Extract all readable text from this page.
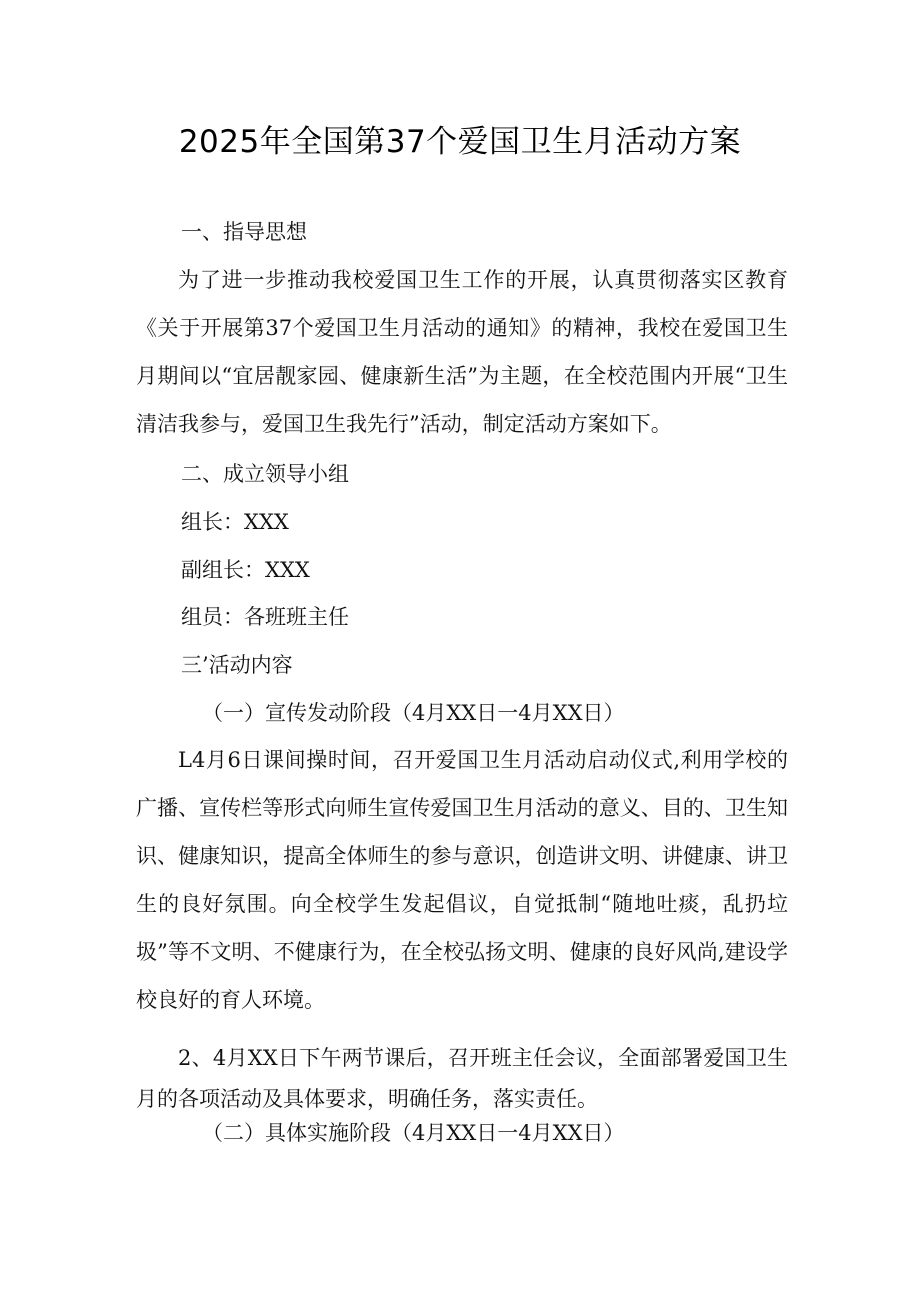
2025年全国第37个爱国卫生月活动方案

一、指导思想

为了进一步推动我校爱国卫生工作的开展，认真贯彻落实区教育《关于开展第37个爱国卫生月活动的通知》的精神，我校在爱国卫生月期间以“宜居靓家园、健康新生活”为主题，在全校范围内开展“卫生清洁我参与，爱国卫生我先行”活动，制定活动方案如下。

二、成立领导小组

组长：XXX

副组长：XXX

组员：各班班主任

三’活动内容

（一）宣传发动阶段（4月XX日一4月XX日）

L4月6日课间操时间，召开爱国卫生月活动启动仪式,利用学校的广播、宣传栏等形式向师生宣传爱国卫生月活动的意义、目的、卫生知识、健康知识，提高全体师生的参与意识，创造讲文明、讲健康、讲卫生的良好氛围。向全校学生发起倡议，自觉抵制“随地吐痰，乱扔垃圾”等不文明、不健康行为，在全校弘扬文明、健康的良好风尚,建设学校良好的育人环境。

2、4月XX日下午两节课后，召开班主任会议，全面部署爱国卫生月的各项活动及具体要求，明确任务，落实责任。

（二）具体实施阶段（4月XX日一4月XX日）
